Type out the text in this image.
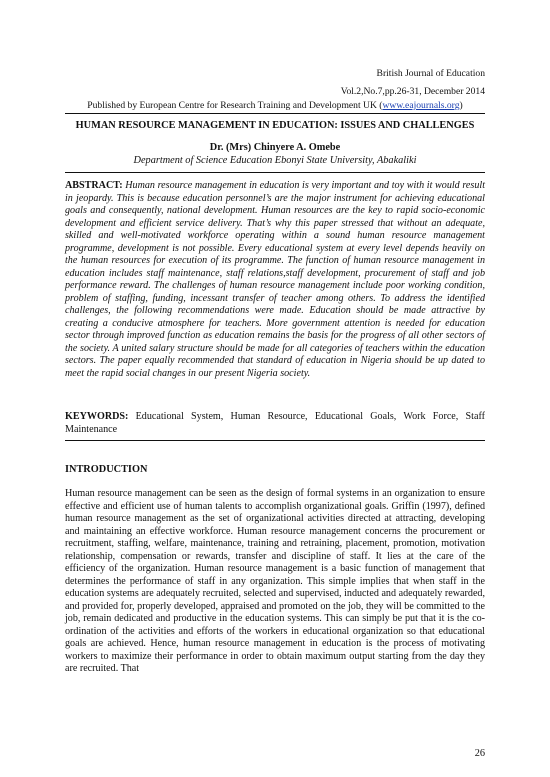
British Journal of Education
Vol.2,No.7,pp.26-31, December 2014
Published by European Centre for Research Training and Development UK (www.eajournals.org)
HUMAN RESOURCE MANAGEMENT IN EDUCATION: ISSUES AND CHALLENGES
Dr. (Mrs) Chinyere A. Omebe
Department of Science Education Ebonyi State University, Abakaliki
ABSTRACT: Human resource management in education is very important and toy with it would result in jeopardy. This is because education personnel’s are the major instrument for achieving educational goals and consequently, national development. Human resources are the key to rapid socio-economic development and efficient service delivery. That’s why this paper stressed that without an adequate, skilled and well-motivated workforce operating within a sound human resource management programme, development is not possible. Every educational system at every level depends heavily on the human resources for execution of its programme. The function of human resource management in education includes staff maintenance, staff relations,staff development, procurement of staff and job performance reward. The challenges of human resource management include poor working condition, problem of staffing, funding, incessant transfer of teacher among others. To address the identified challenges, the following recommendations were made. Education should be made attractive by creating a conducive atmosphere for teachers. More government attention is needed for education sector through improved function as education remains the basis for the progress of all other sectors of the society. A united salary structure should be made for all categories of teachers within the education sectors. The paper equally recommended that standard of education in Nigeria should be up dated to meet the rapid social changes in our present Nigeria society.
KEYWORDS: Educational System, Human Resource, Educational Goals, Work Force, Staff Maintenance
INTRODUCTION
Human resource management can be seen as the design of formal systems in an organization to ensure effective and efficient use of human talents to accomplish organizational goals. Griffin (1997), defined human resource management as the set of organizational activities directed at attracting, developing and maintaining an effective workforce. Human resource management concerns the procurement or recruitment, staffing, welfare, maintenance, training and retraining, placement, promotion, motivation relationship, compensation or rewards, transfer and discipline of staff. It lies at the care of the efficiency of the organization. Human resource management is a basic function of management that determines the performance of staff in any organization. This simple implies that when staff in the education systems are adequately recruited, selected and supervised, inducted and adequately rewarded, and provided for, properly developed, appraised and promoted on the job, they will be committed to the job, remain dedicated and productive in the education systems. This can simply be put that it is the co-ordination of the activities and efforts of the workers in educational organization so that educational goals are achieved. Hence, human resource management in education is the process of motivating workers to maximize their performance in order to obtain maximum output starting from the day they are recruited. That
26
